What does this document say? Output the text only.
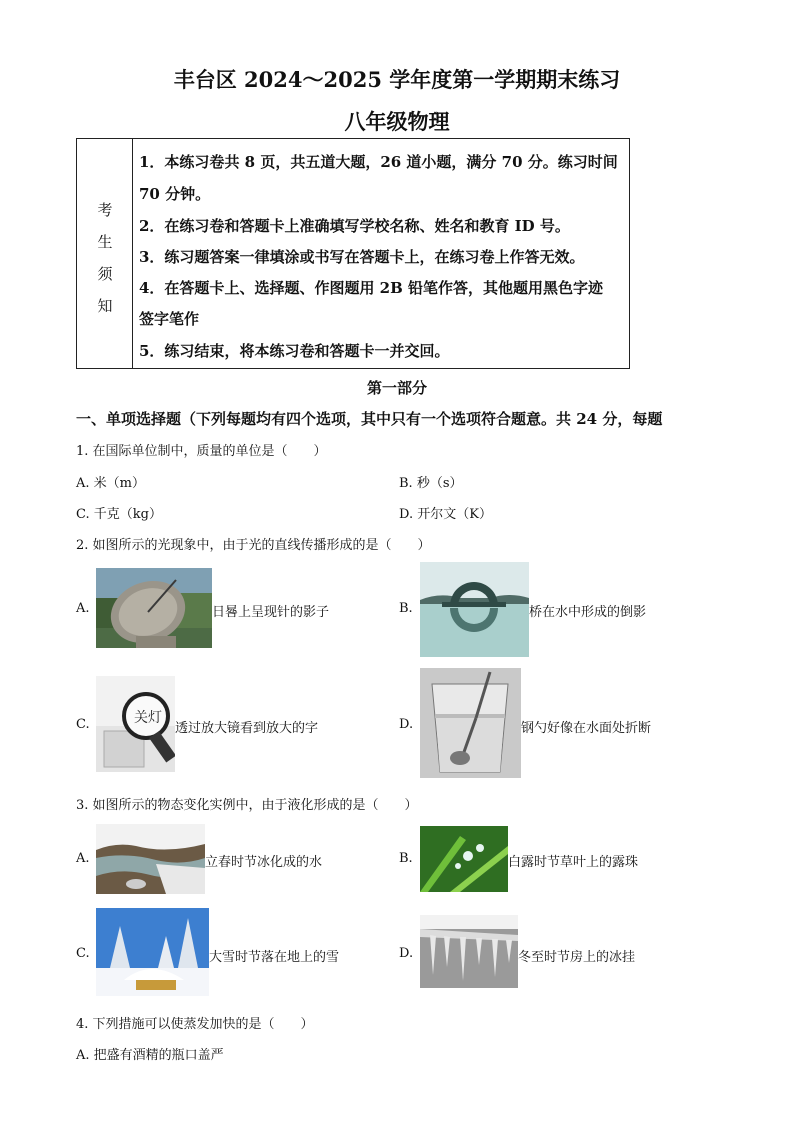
丰台区 2024～2025 学年度第一学期期末练习
八年级物理
考
生
须
知
1．本练习卷共 8 页，共五道大题，26 道小题，满分 70 分。练习时间
70 分钟。
2．在练习卷和答题卡上准确填写学校名称、姓名和教育 ID 号。
3．练习题答案一律填涂或书写在答题卡上，在练习卷上作答无效。
4．在答题卡上、选择题、作图题用 2B 铅笔作答，其他题用黑色字迹
签字笔作
5．练习结束，将本练习卷和答题卡一并交回。
第一部分
一、单项选择题（下列每题均有四个选项，其中只有一个选项符合题意。共 24 分，每题
1. 在国际单位制中，质量的单位是（　　）
A. 米（m）	B. 秒（s）
C. 千克（kg）	D. 开尔文（K）
2. 如图所示的光现象中，由于光的直线传播形成的是（　　）
A.	日晷上呈现针的影子	B.	桥在水中形成的倒影
C.	关灯
透过放大镜看到放大的字	D.	钢勺好像在水面处折断
3. 如图所示的物态变化实例中，由于液化形成的是（　　）
A.	立春时节冰化成的水	B.	白露时节草叶上的露珠
C.	大雪时节落在地上的雪	D.	冬至时节房上的冰挂
4. 下列措施可以使蒸发加快的是（　　）
A. 把盛有酒精的瓶口盖严
